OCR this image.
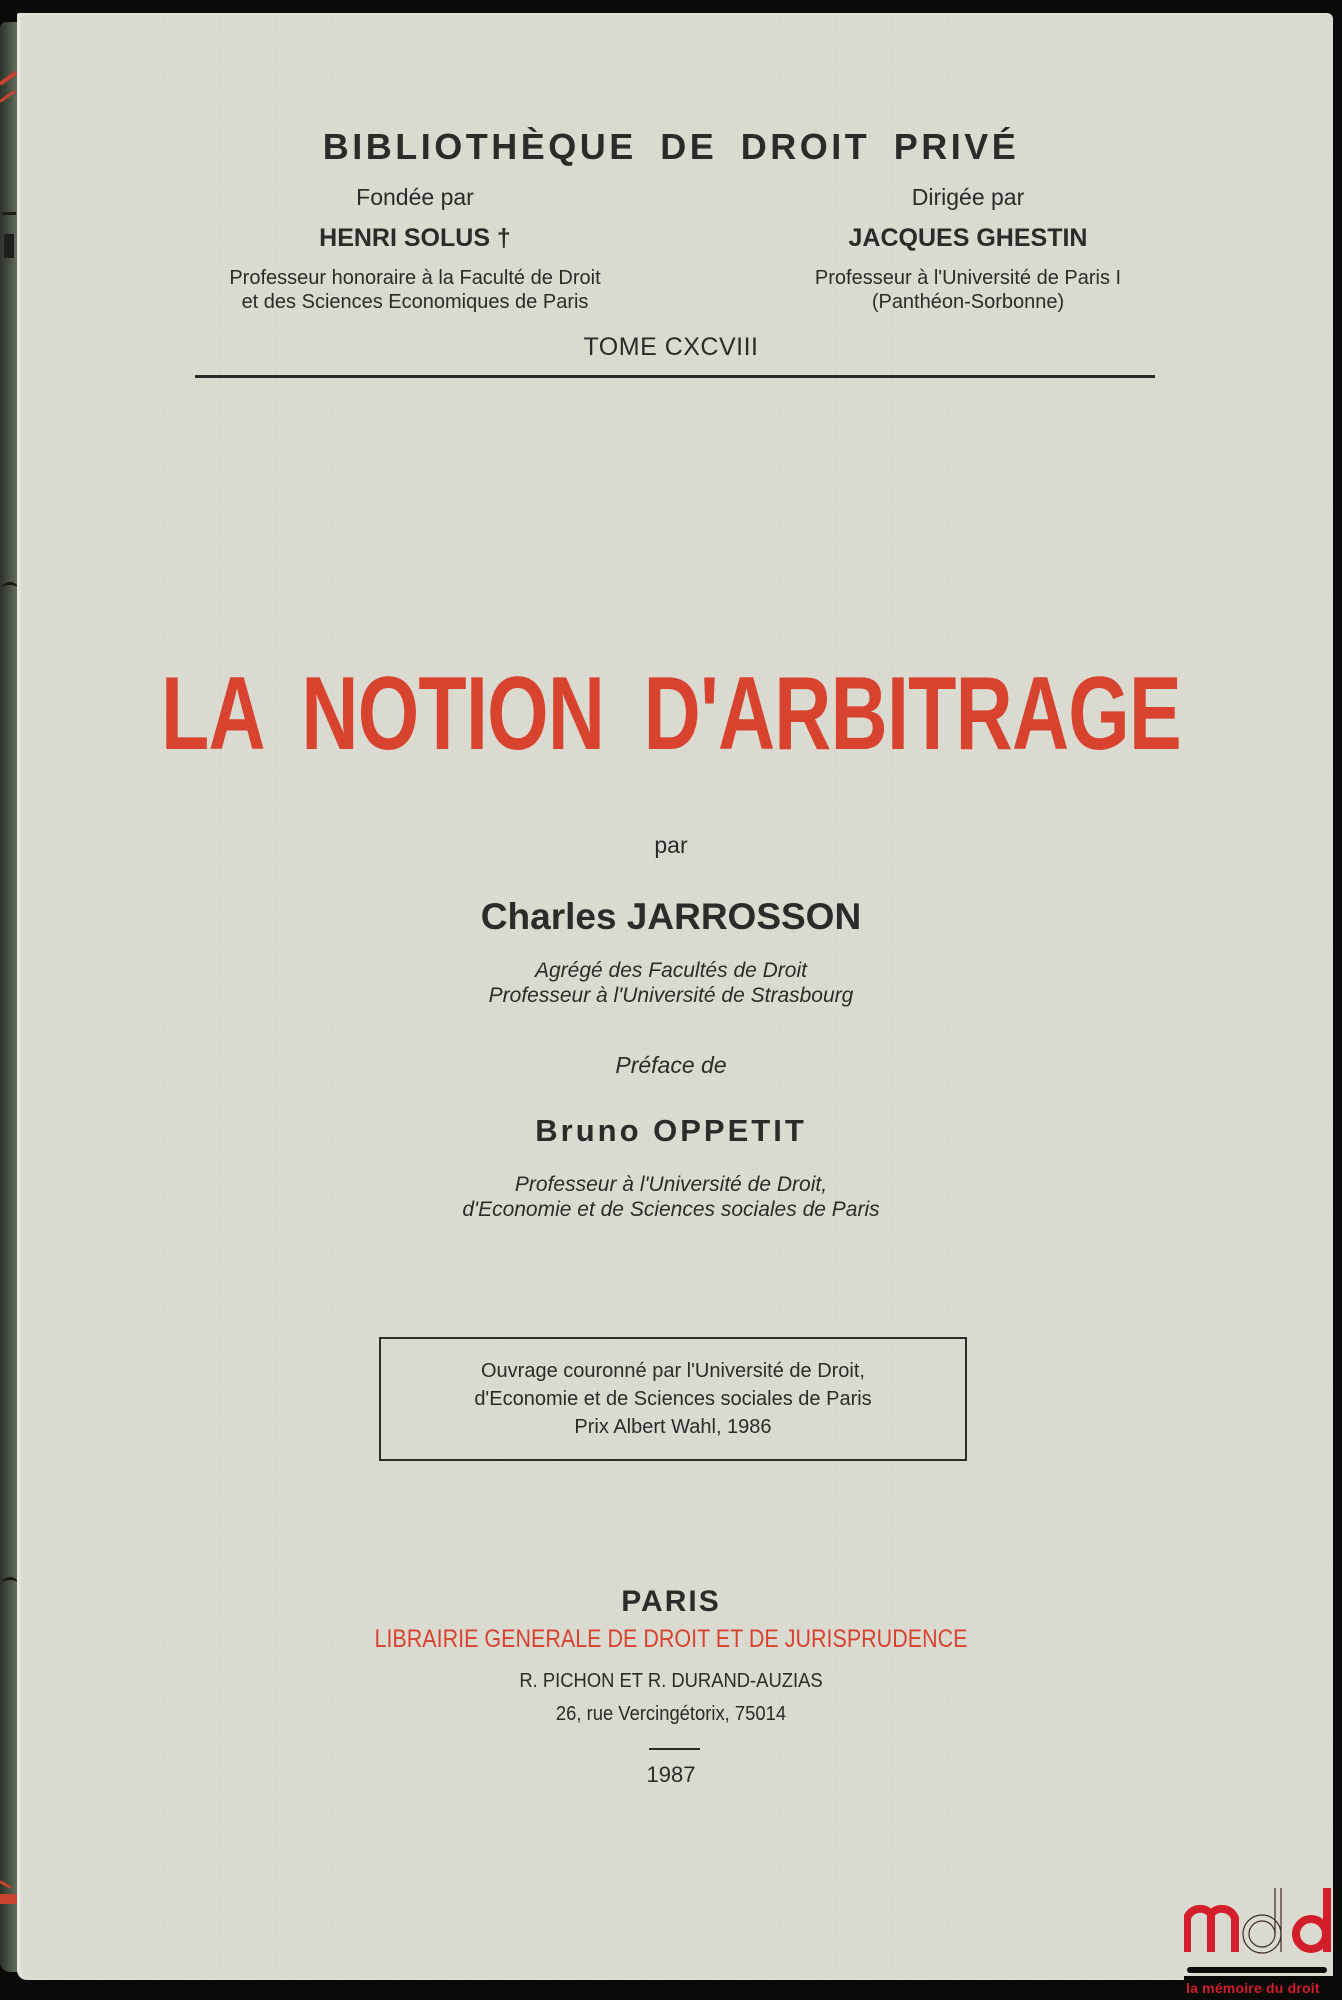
BIBLIOTHÈQUE DE DROIT PRIVÉ
Fondée par
HENRI SOLUS †
Professeur honoraire à la Faculté de Droit
et des Sciences Economiques de Paris
Dirigée par
JACQUES GHESTIN
Professeur à l'Université de Paris I
(Panthéon-Sorbonne)
TOME CXCVIII
LA NOTION D'ARBITRAGE
par
Charles JARROSSON
Agrégé des Facultés de Droit
Professeur à l'Université de Strasbourg
Préface de
Bruno OPPETIT
Professeur à l'Université de Droit,
d'Economie et de Sciences sociales de Paris
Ouvrage couronné par l'Université de Droit,
d'Economie et de Sciences sociales de Paris
Prix Albert Wahl, 1986
PARIS
LIBRAIRIE GENERALE DE DROIT ET DE JURISPRUDENCE
R. PICHON ET R. DURAND-AUZIAS
26, rue Vercingétorix, 75014
1987
la mémoire du droit
